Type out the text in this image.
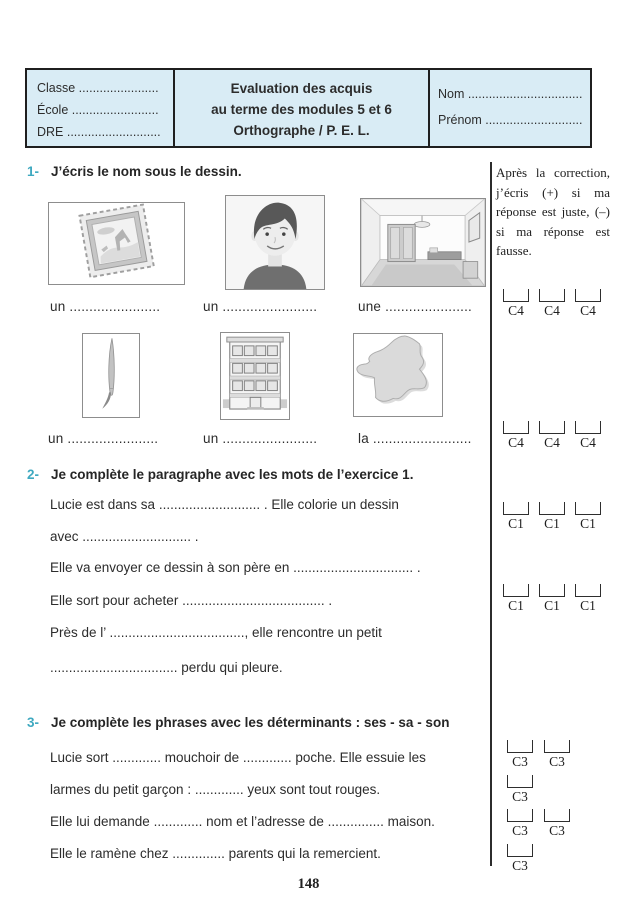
Classe .......................
École .........................
DRE ...........................
Evaluation des acquis
au terme des modules 5 et 6
Orthographe / P. E. L.
Nom .................................
Prénom ............................
1- J’écris le nom sous le dessin.
un .......................	un ........................	une ......................
un .......................	un ........................	la .........................
2- Je complète le paragraphe avec les mots de l’exercice 1.
Lucie est dans sa ........................... . Elle colorie un dessin
avec ............................. .
Elle va envoyer ce dessin à son père en ................................ .
Elle sort pour acheter ...................................... .
Près de l’ ...................................., elle rencontre un petit
.................................. perdu qui pleure.
3- Je complète les phrases avec les déterminants : ses - sa - son
Lucie sort ............. mouchoir de ............. poche. Elle essuie les
larmes du petit garçon : ............. yeux sont tout rouges.
Elle lui demande ............. nom et l’adresse de ............... maison.
Elle le ramène chez .............. parents qui la remercient.
Après la correction, j’écris (+) si ma réponse est juste, (–) si ma réponse est fausse.
C4 C4 C4
C4 C4 C4
C1 C1 C1
C1 C1 C1
C3 C3
C3
C3 C3
C3
148
